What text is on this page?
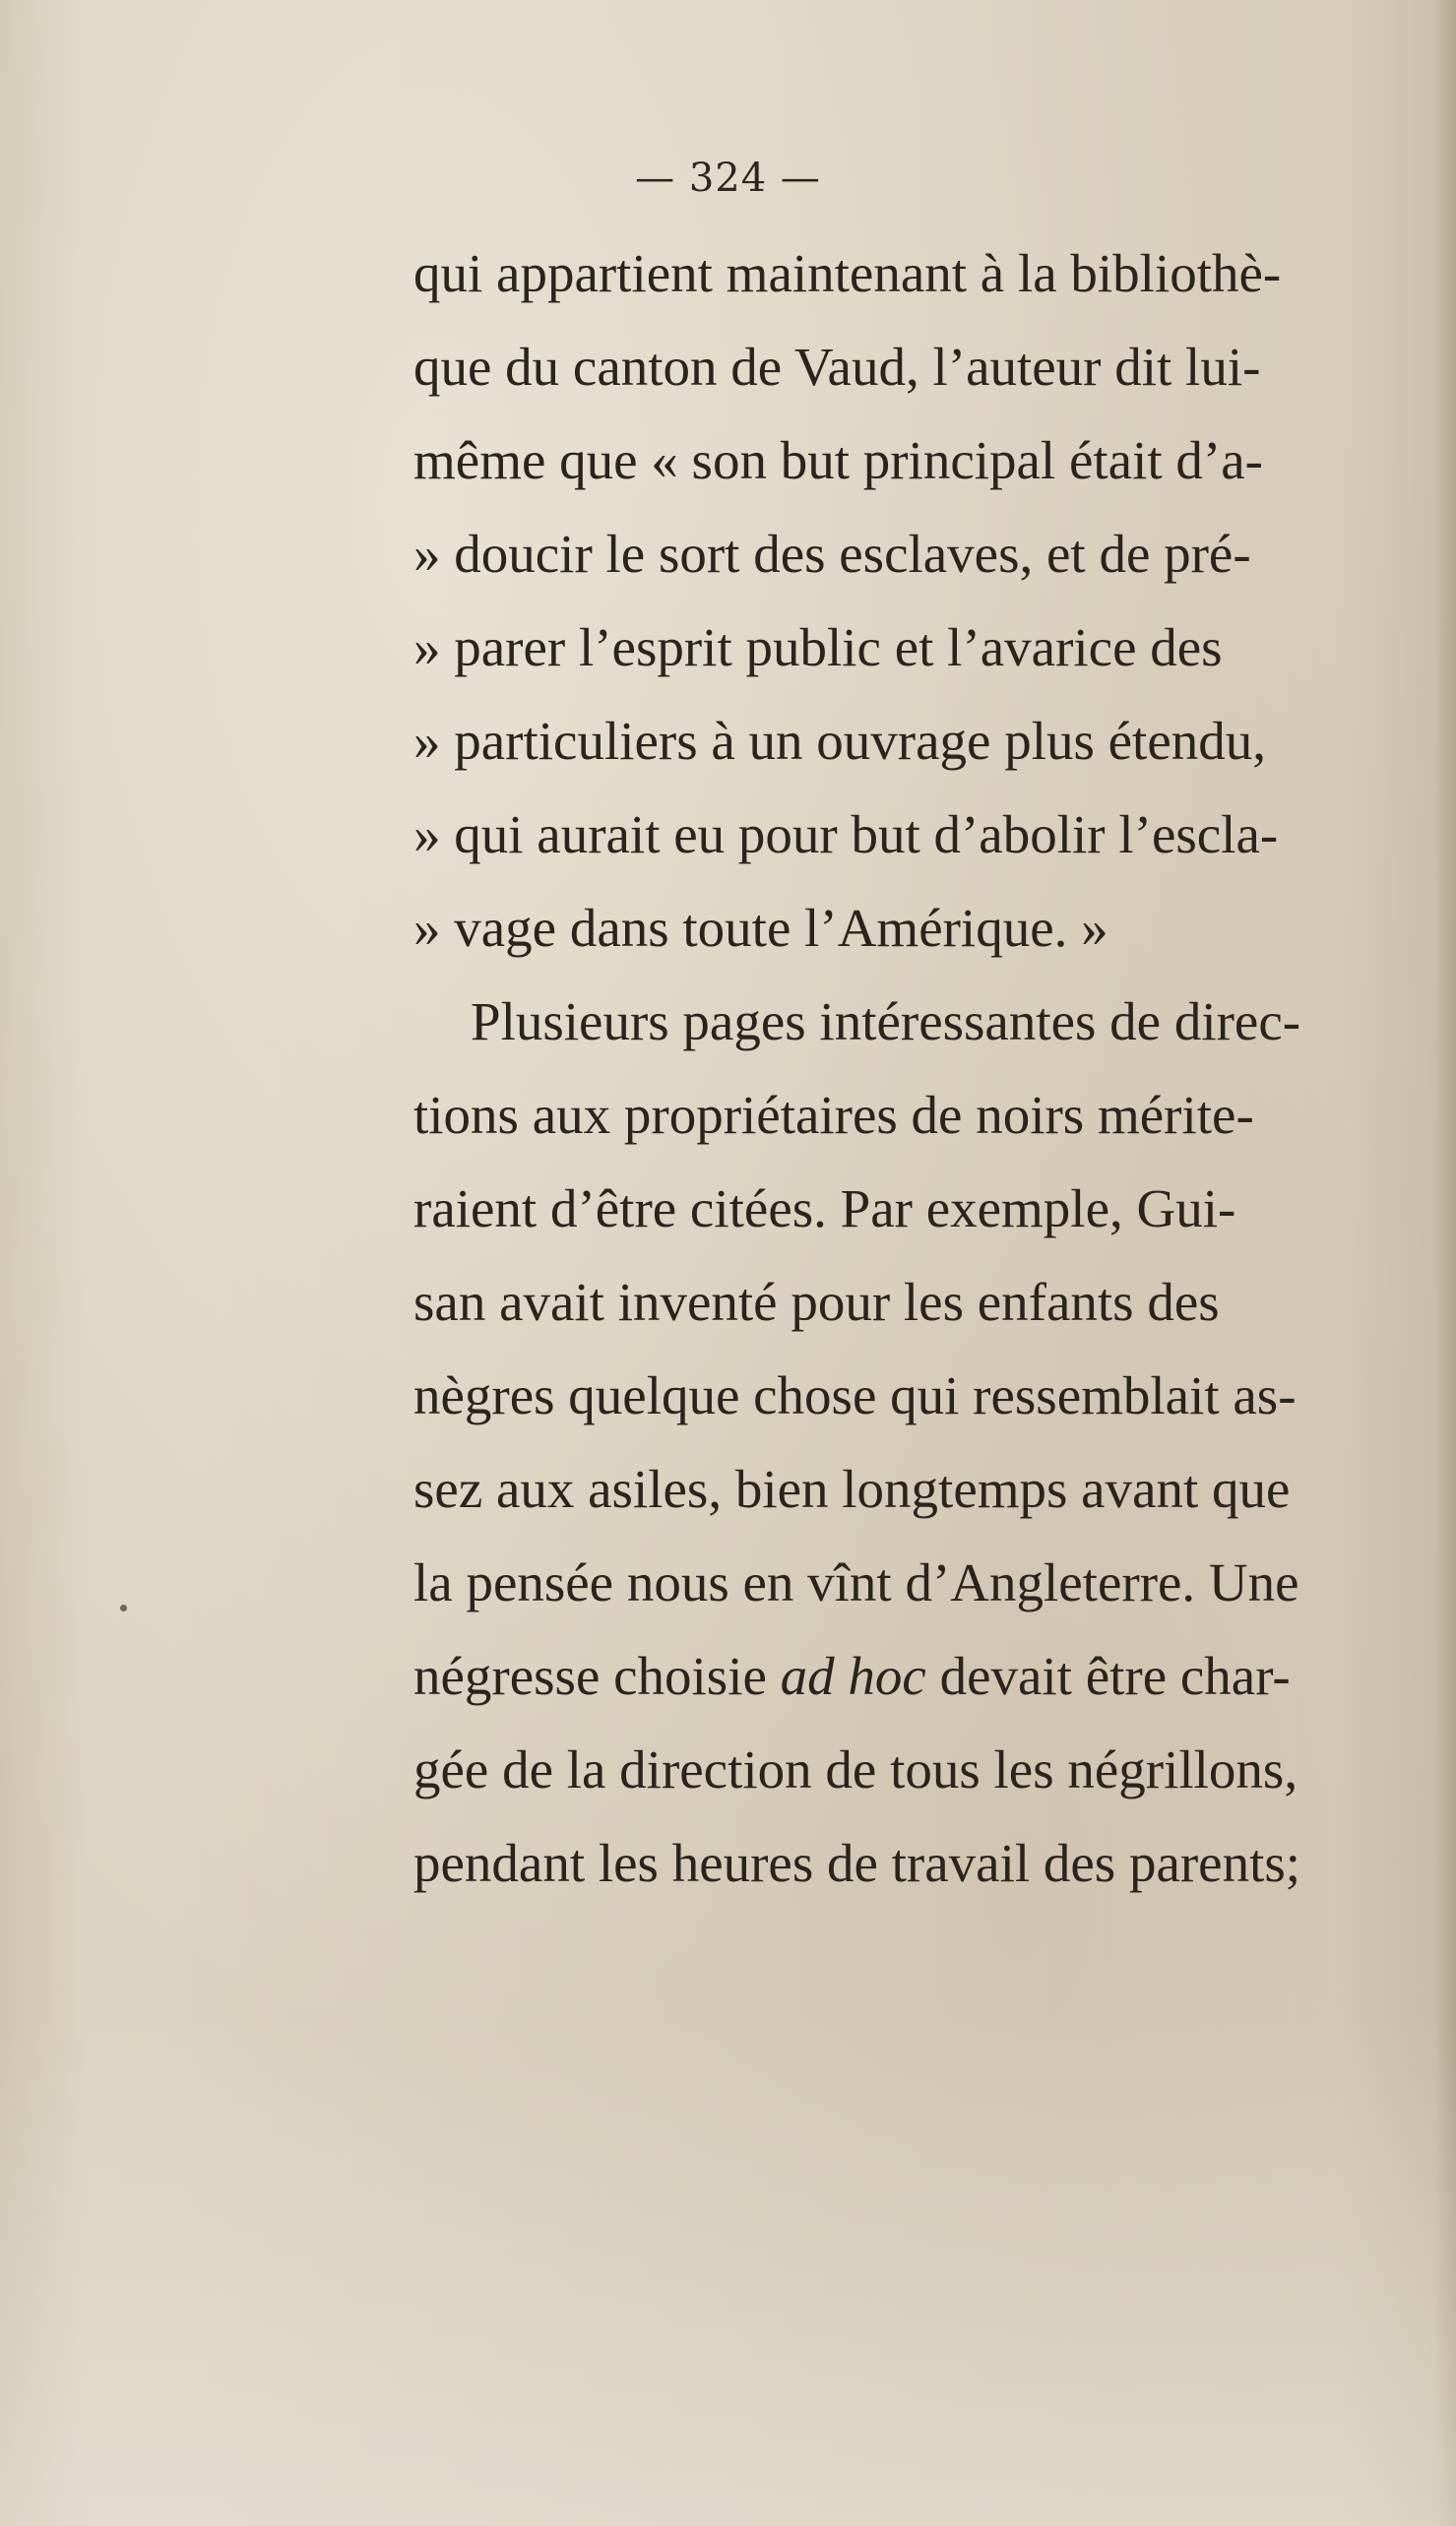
— 324 —
qui appartient maintenant à la bibliothè-
que du canton de Vaud, l’auteur dit lui-
même que « son but principal était d’a-
» doucir le sort des esclaves, et de pré-
» parer l’esprit public et l’avarice des
» particuliers à un ouvrage plus étendu,
» qui aurait eu pour but d’abolir l’escla-
» vage dans toute l’Amérique. »
Plusieurs pages intéressantes de direc-
tions aux propriétaires de noirs mérite-
raient d’être citées. Par exemple, Gui-
san avait inventé pour les enfants des
nègres quelque chose qui ressemblait as-
sez aux asiles, bien longtemps avant que
la pensée nous en vînt d’Angleterre. Une
négresse choisie ad hoc devait être char-
gée de la direction de tous les négrillons,
pendant les heures de travail des parents;
